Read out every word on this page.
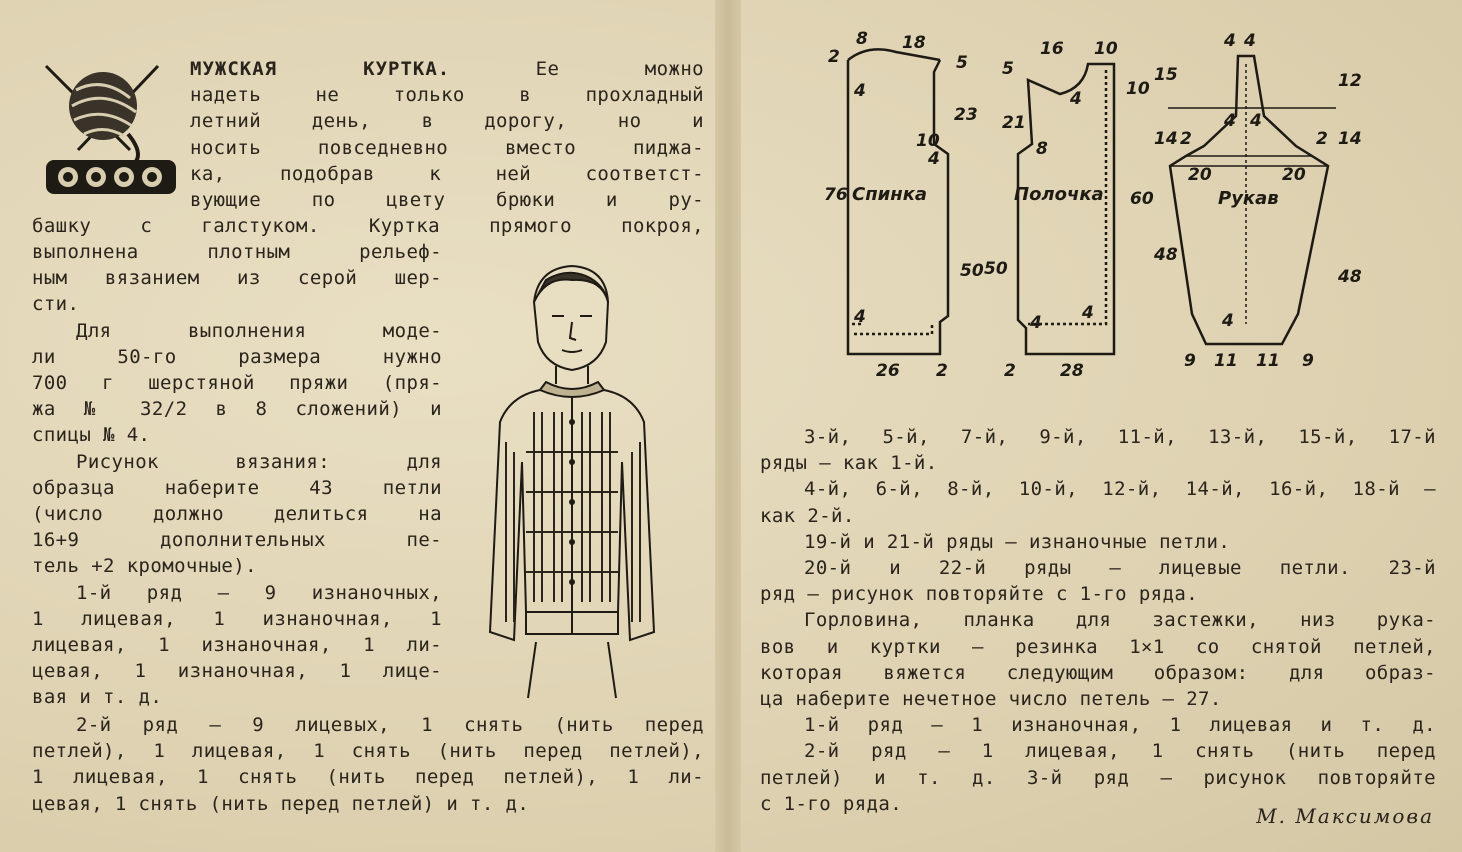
МУЖСКАЯ КУРТКА.	Ее можно

надеть не только в прохладный

летний день, в дорогу, но и

носить повседневно вместо пиджа-

ка, подобрав к ней соответст-

вующие по цвету брюки и ру-

башку с галстуком. Куртка прямого покроя,

выполнена плотным рельеф-

ным вязанием из серой шер-

сти.

Для выполнения моде-

ли 50-го размера нужно

700 г шерстяной пряжи (пря-

жа № 32/2 в 8 сложений) и

спицы № 4.

Рисунок вязания: для

образца наберите 43 петли

(число должно делиться на

16+9 дополнительных пе-

тель +2 кромочные).

1-й ряд — 9 изнаночных,

1 лицевая, 1 изнаночная, 1

лицевая, 1 изнаночная, 1 ли-

цевая, 1 изнаночная, 1 лице-

вая и т. д.

2-й ряд — 9 лицевых, 1 снять (нить перед

петлей), 1 лицевая, 1 снять (нить перед петлей),

1 лицевая, 1 снять (нить перед петлей), 1 ли-

цевая, 1 снять (нить перед петлей) и т. д.

Спинка
8 18
2	5
4
23
10
4
76
50
4
26 2
Полочка
16 10
5
10
4
21
8
60
50
4 4
2	28
Рукав
4 4
15	12
4 4
2	2
14	14
20	20
48
48
4
9 11 11 9

3-й, 5-й, 7-й, 9-й, 11-й, 13-й, 15-й, 17-й

ряды — как 1-й.

4-й, 6-й, 8-й, 10-й, 12-й, 14-й, 16-й, 18-й —

как 2-й.

19-й и 21-й ряды — изнаночные петли.

20-й и 22-й ряды — лицевые петли. 23-й

ряд — рисунок повторяйте с 1-го ряда.

Горловина, планка для застежки, низ рука-

вов и куртки — резинка 1×1 со снятой петлей,

которая вяжется следующим образом: для образ-

ца наберите нечетное число петель — 27.

1-й ряд — 1 изнаночная, 1 лицевая и т. д.

2-й ряд — 1 лицевая, 1 снять (нить перед

петлей) и т. д. 3-й ряд — рисунок повторяйте

с 1-го ряда.

М. Максимова
